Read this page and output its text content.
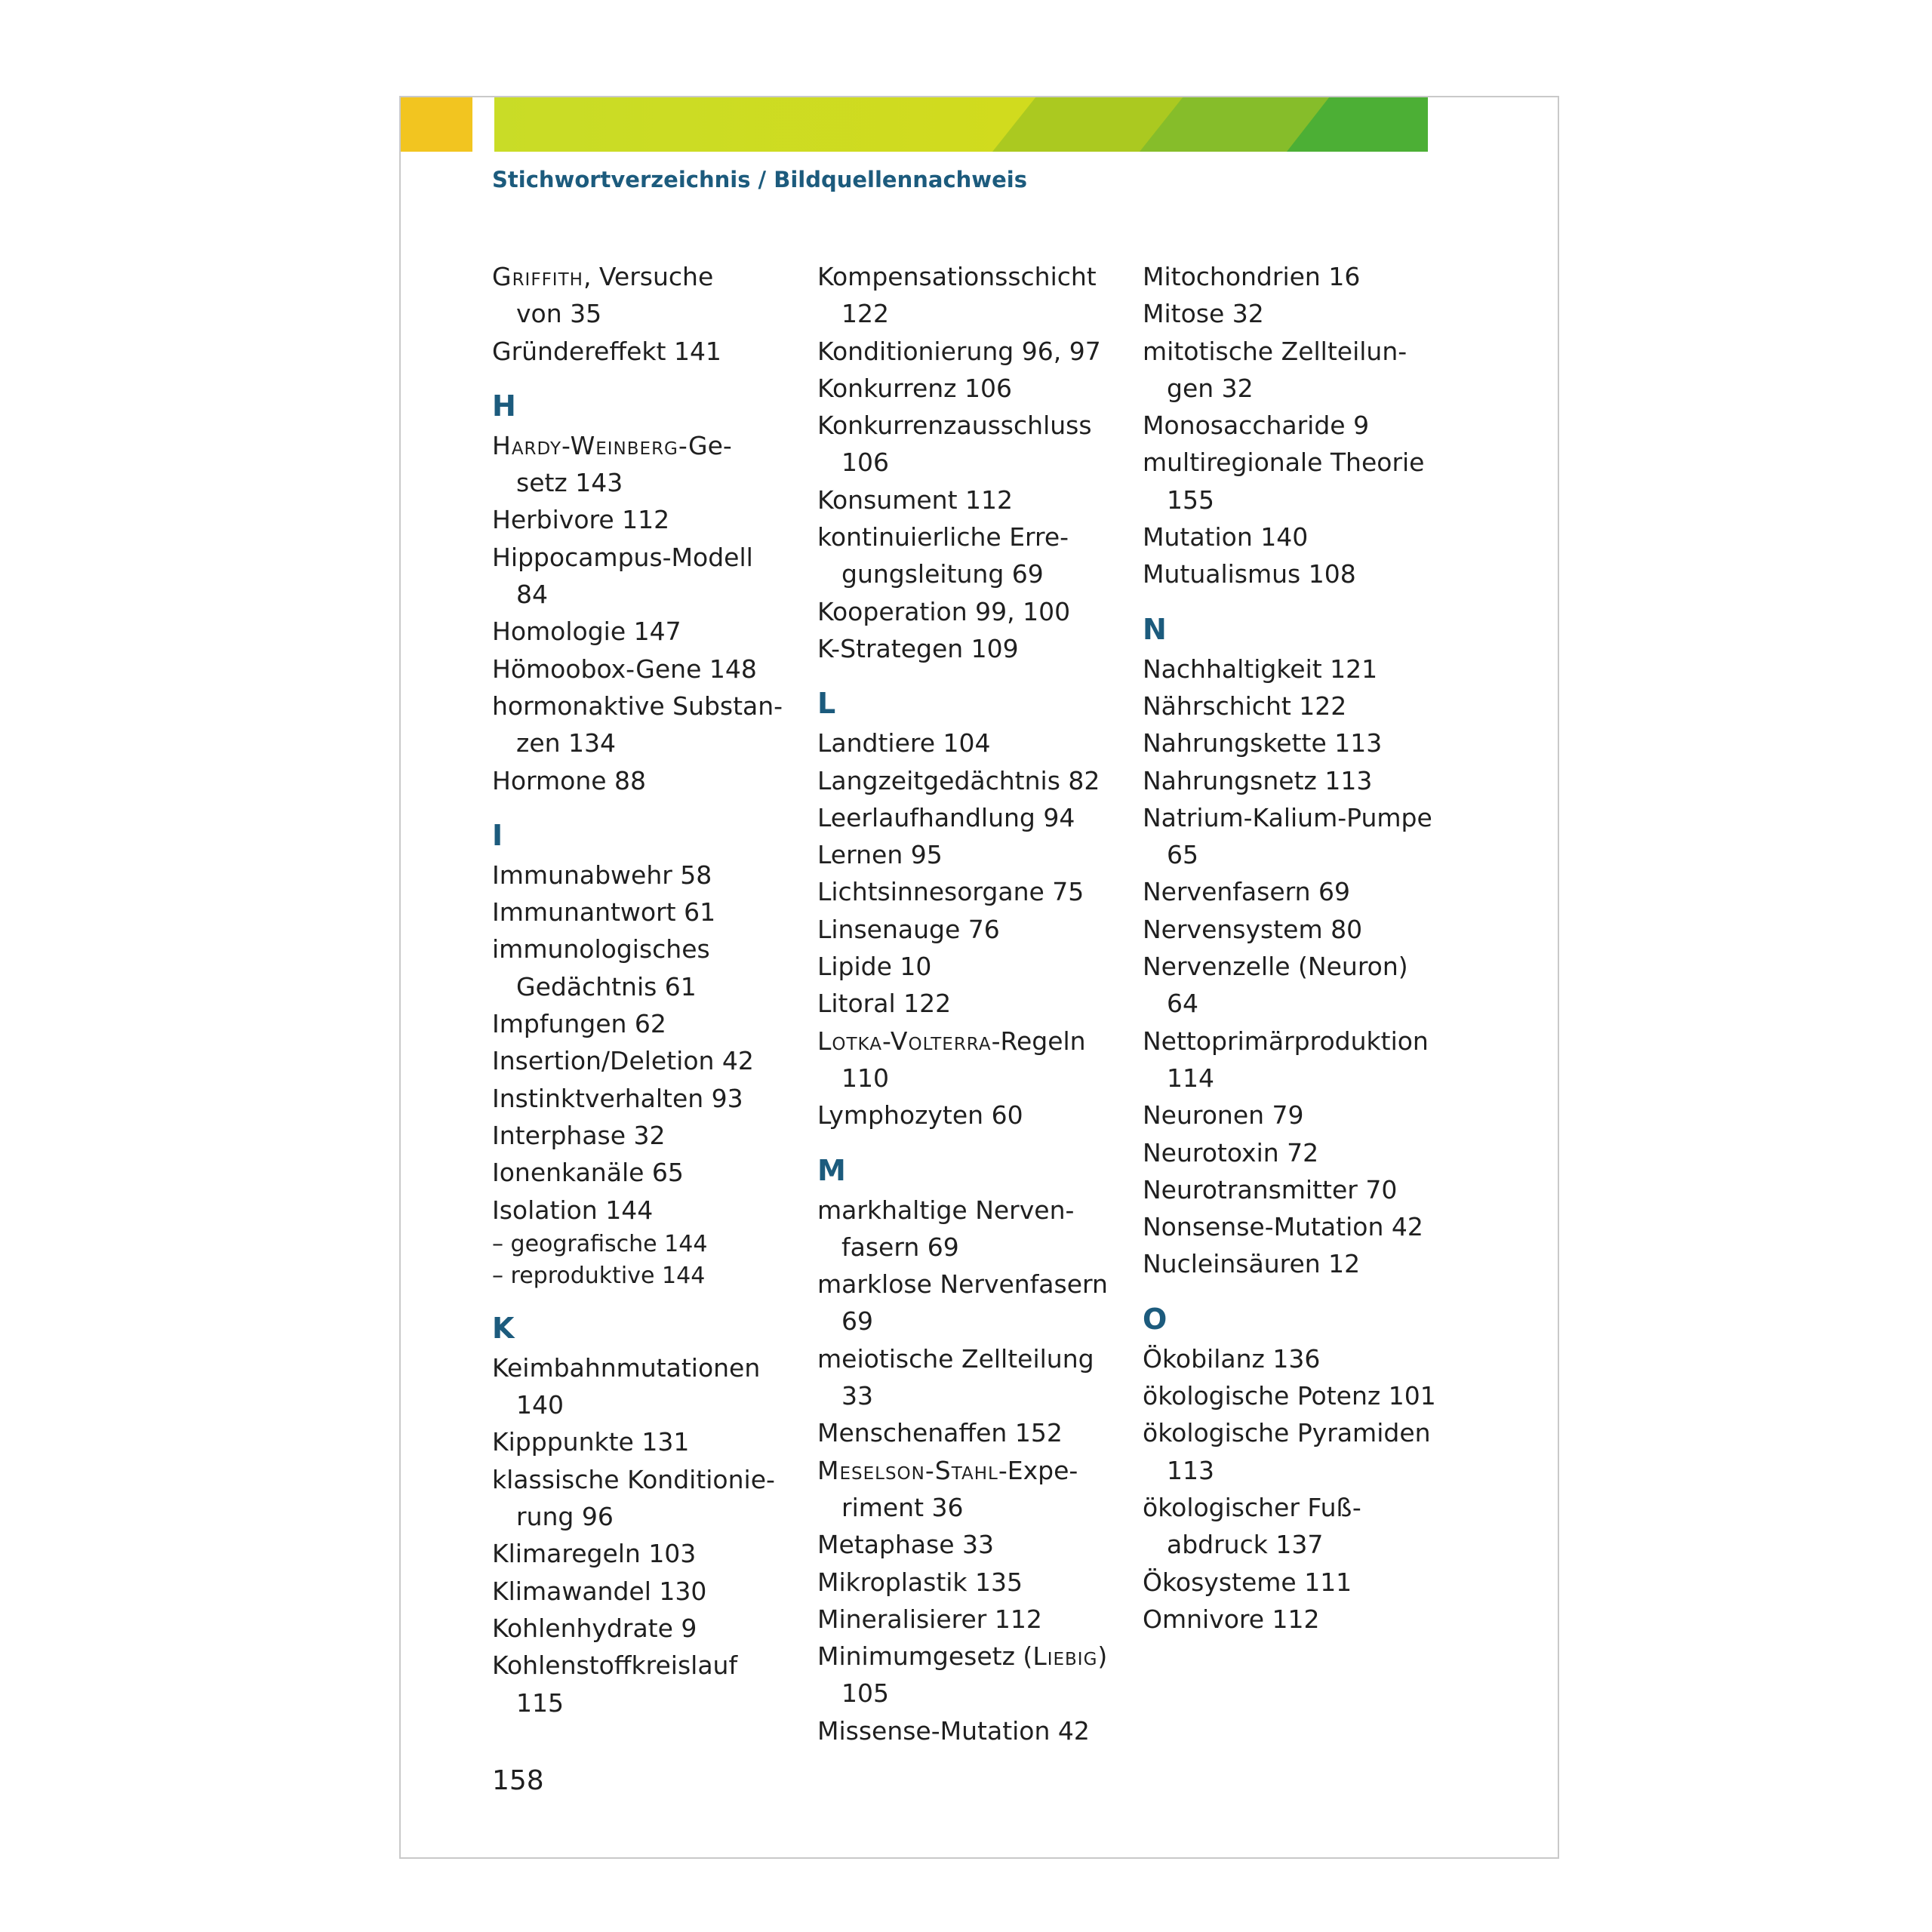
Stichwortverzeichnis / Bildquellennachweis
Griffith, Versuche
von 35
Gründereffekt 141
H
Hardy-Weinberg-Ge-
setz 143
Herbivore 112
Hippocampus-Modell
84
Homologie 147
Hömoobox-Gene 148
hormonaktive Substan-
zen 134
Hormone 88
I
Immunabwehr 58
Immunantwort 61
immunologisches
Gedächtnis 61
Impfungen 62
Insertion/Deletion 42
Instinktverhalten 93
Interphase 32
Ionenkanäle 65
Isolation 144
– geografische 144
– reproduktive 144
K
Keimbahnmutationen
140
Kipppunkte 131
klassische Konditionie-
rung 96
Klimaregeln 103
Klimawandel 130
Kohlenhydrate 9
Kohlenstoffkreislauf
115
Kompensationsschicht
122
Konditionierung 96, 97
Konkurrenz 106
Konkurrenzausschluss
106
Konsument 112
kontinuierliche Erre-
gungsleitung 69
Kooperation 99, 100
K-Strategen 109
L
Landtiere 104
Langzeitgedächtnis 82
Leerlaufhandlung 94
Lernen 95
Lichtsinnesorgane 75
Linsenauge 76
Lipide 10
Litoral 122
Lotka-Volterra-Regeln
110
Lymphozyten 60
M
markhaltige Nerven-
fasern 69
marklose Nervenfasern
69
meiotische Zellteilung
33
Menschenaffen 152
Meselson-Stahl-Expe-
riment 36
Metaphase 33
Mikroplastik 135
Mineralisierer 112
Minimumgesetz (Liebig)
105
Missense-Mutation 42
Mitochondrien 16
Mitose 32
mitotische Zellteilun-
gen 32
Monosaccharide 9
multiregionale Theorie
155
Mutation 140
Mutualismus 108
N
Nachhaltigkeit 121
Nährschicht 122
Nahrungskette 113
Nahrungsnetz 113
Natrium-Kalium-Pumpe
65
Nervenfasern 69
Nervensystem 80
Nervenzelle (Neuron)
64
Nettoprimärproduktion
114
Neuronen 79
Neurotoxin 72
Neurotransmitter 70
Nonsense-Mutation 42
Nucleinsäuren 12
O
Ökobilanz 136
ökologische Potenz 101
ökologische Pyramiden
113
ökologischer Fuß-
abdruck 137
Ökosysteme 111
Omnivore 112
158
